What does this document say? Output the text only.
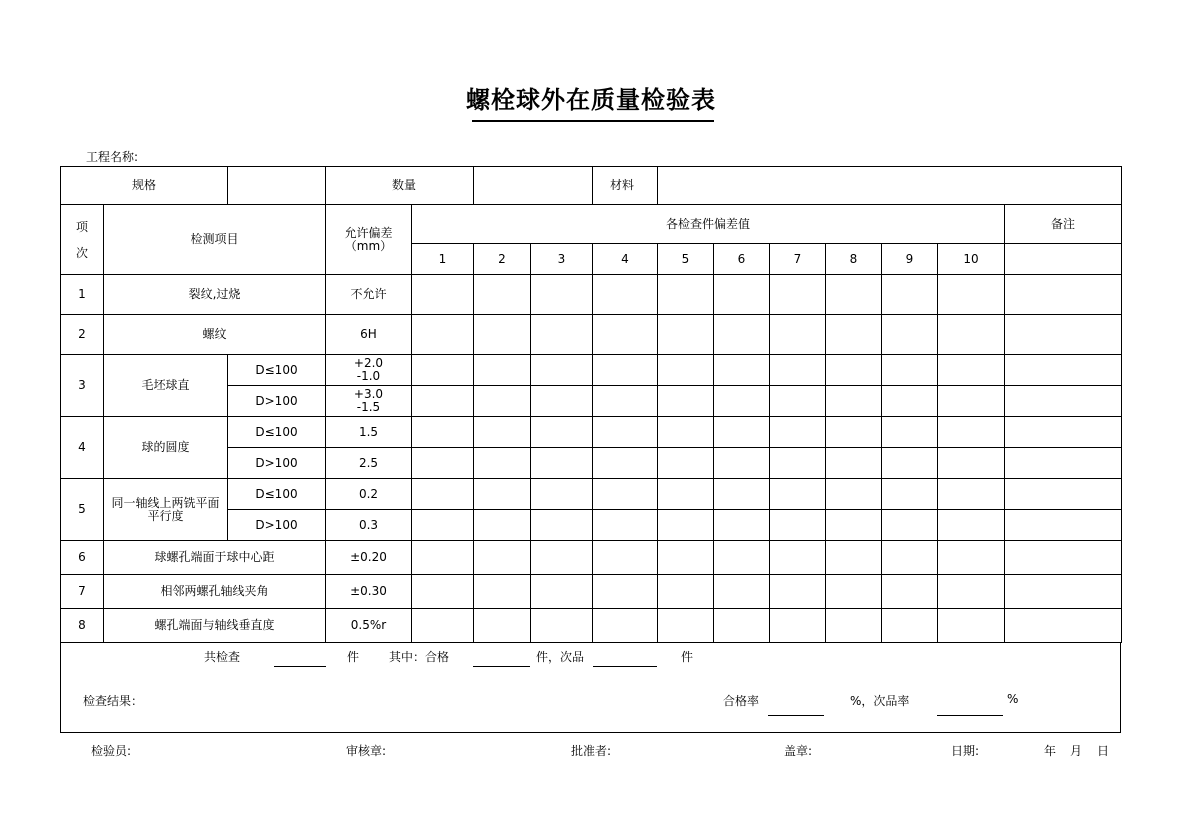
螺栓球外在质量检验表
工程名称:
规格			数量				材料							
项次	检测项目		允许偏差
（mm）	各检查件偏差值										备注
				1	2	3	4	5	6	7	8	9	10	
1	裂纹,过烧		不允许											
2	螺纹		6H											
3	毛坯球直	D≤100	+2.0
-1.0											

		D>100	+3.0
-1.5											

4	球的圆度	D≤100	1.5											
		D>100	2.5											
5	同一轴线上两铣平面
平行度	D≤100	0.2											
		D>100	0.3											
6	球螺孔端面于球中心距		±0.20											
7	相邻两螺孔轴线夹角		±0.30											
8	螺孔端面与轴线垂直度		0.5%r											
共检查	件 其中：合格	件，次品	件
检查结果：	合格率	%，次品率	%
检验员:	审核章:	批准者:	盖章:	日期:	年 月 日
